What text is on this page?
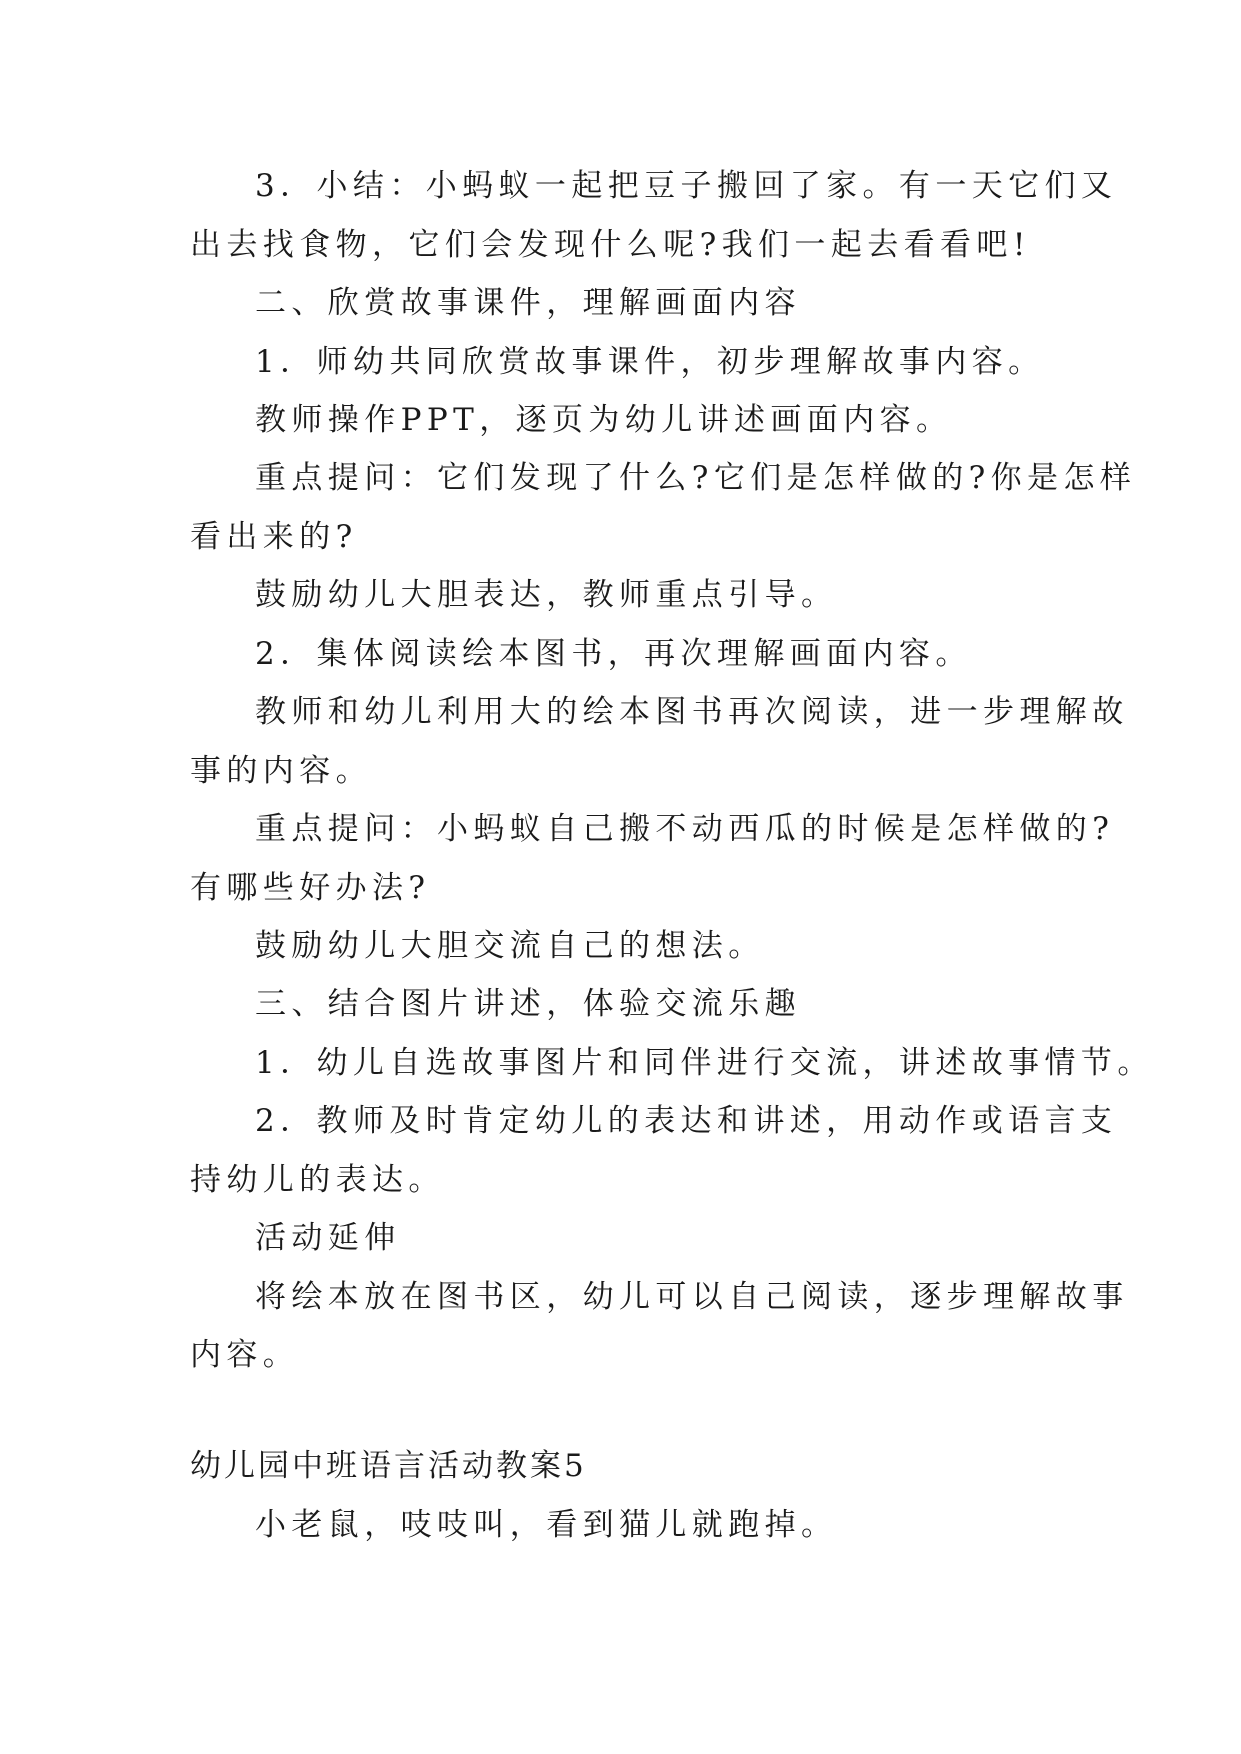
3．小结：小蚂蚁一起把豆子搬回了家。有一天它们又
出去找食物，它们会发现什么呢?我们一起去看看吧!
二、欣赏故事课件，理解画面内容
1．师幼共同欣赏故事课件，初步理解故事内容。
教师操作PPT，逐页为幼儿讲述画面内容。
重点提问：它们发现了什么?它们是怎样做的?你是怎样
看出来的?
鼓励幼儿大胆表达，教师重点引导。
2．集体阅读绘本图书，再次理解画面内容。
教师和幼儿利用大的绘本图书再次阅读，进一步理解故
事的内容。
重点提问：小蚂蚁自己搬不动西瓜的时候是怎样做的?
有哪些好办法?
鼓励幼儿大胆交流自己的想法。
三、结合图片讲述，体验交流乐趣
1．幼儿自选故事图片和同伴进行交流，讲述故事情节。
2．教师及时肯定幼儿的表达和讲述，用动作或语言支
持幼儿的表达。
活动延伸
将绘本放在图书区，幼儿可以自己阅读，逐步理解故事
内容。
幼儿园中班语言活动教案5
小老鼠，吱吱叫，看到猫儿就跑掉。
